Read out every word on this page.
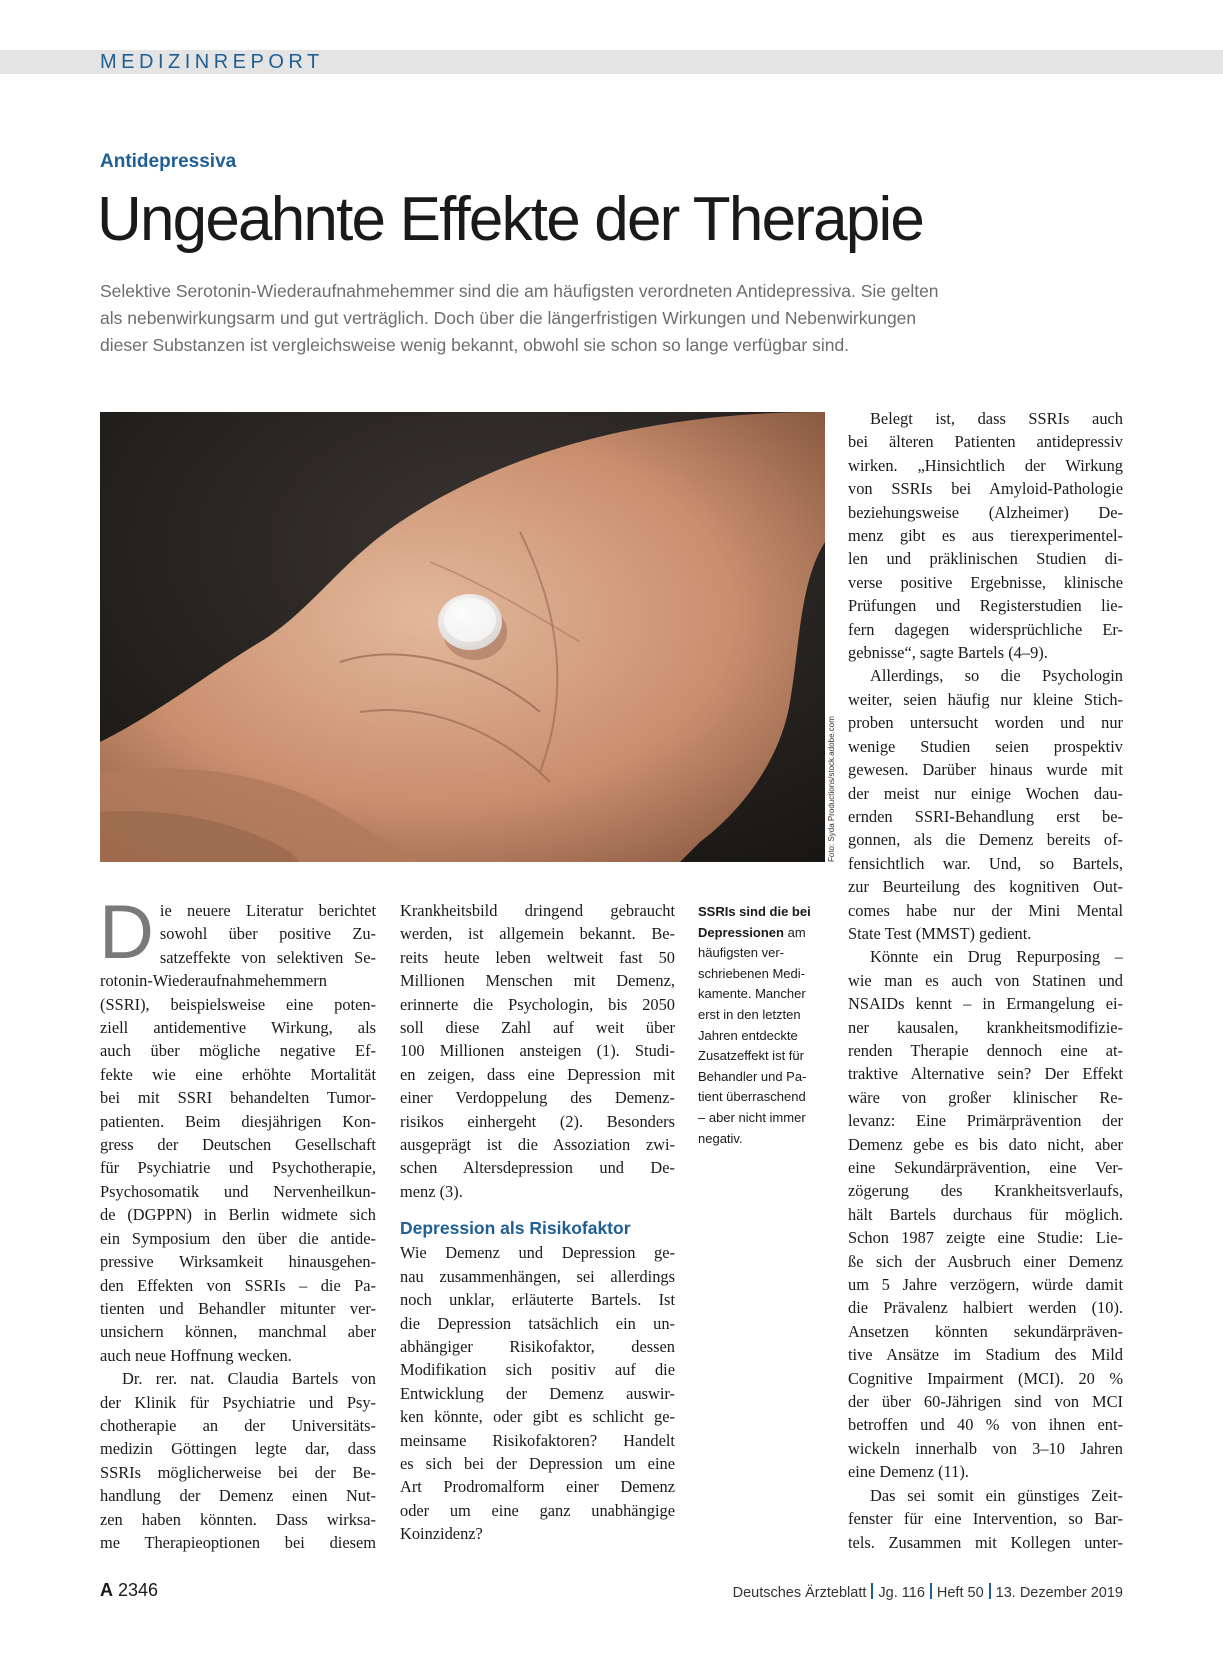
MEDIZINREPORT
Antidepressiva
Ungeahnte Effekte der Therapie
Selektive Serotonin-Wiederaufnahmehemmer sind die am häufigsten verordneten Antidepressiva. Sie gelten
als nebenwirkungsarm und gut verträglich. Doch über die längerfristigen Wirkungen und Nebenwirkungen
dieser Substanzen ist vergleichsweise wenig bekannt, obwohl sie schon so lange verfügbar sind.
Foto: Syda Productions/stock.adobe.com
D ie neuere Literatur berichtet
sowohl über positive Zu-
satzeffekte von selektiven Se-
rotonin-Wiederaufnahmehemmern
(SSRI), beispielsweise eine poten-
ziell antidementive Wirkung, als
auch über mögliche negative Ef-
fekte wie eine erhöhte Mortalität
bei mit SSRI behandelten Tumor-
patienten. Beim diesjährigen Kon-
gress der Deutschen Gesellschaft
für Psychiatrie und Psychotherapie,
Psychosomatik und Nervenheilkun-
de (DGPPN) in Berlin widmete sich
ein Symposium den über die antide-
pressive Wirksamkeit hinausgehen-
den Effekten von SSRIs – die Pa-
tienten und Behandler mitunter ver-
unsichern können, manchmal aber
auch neue Hoffnung wecken.
Dr. rer. nat. Claudia Bartels von
der Klinik für Psychiatrie und Psy-
chotherapie an der Universitäts-
medizin Göttingen legte dar, dass
SSRIs möglicherweise bei der Be-
handlung der Demenz einen Nut-
zen haben könnten. Dass wirksa-
me Therapieoptionen bei diesem
Krankheitsbild dringend gebraucht
werden, ist allgemein bekannt. Be-
reits heute leben weltweit fast 50
Millionen Menschen mit Demenz,
erinnerte die Psychologin, bis 2050
soll diese Zahl auf weit über
100 Millionen ansteigen (1). Studi-
en zeigen, dass eine Depression mit
einer Verdoppelung des Demenz-
risikos einhergeht (2). Besonders
ausgeprägt ist die Assoziation zwi-
schen Altersdepression und De-
menz (3).
Depression als Risikofaktor
Wie Demenz und Depression ge-
nau zusammenhängen, sei allerdings
noch unklar, erläuterte Bartels. Ist
die Depression tatsächlich ein un-
abhängiger Risikofaktor, dessen
Modifikation sich positiv auf die
Entwicklung der Demenz auswir-
ken könnte, oder gibt es schlicht ge-
meinsame Risikofaktoren? Handelt
es sich bei der Depression um eine
Art Prodromalform einer Demenz
oder um eine ganz unabhängige
Koinzidenz?
SSRIs sind die bei
Depressionen am
häufigsten ver-
schriebenen Medi-
kamente. Mancher
erst in den letzten
Jahren entdeckte
Zusatzeffekt ist für
Behandler und Pa-
tient überraschend
– aber nicht immer
negativ.
Belegt ist, dass SSRIs auch
bei älteren Patienten antidepressiv
wirken. „Hinsichtlich der Wirkung
von SSRIs bei Amyloid-Pathologie
beziehungsweise (Alzheimer) De-
menz gibt es aus tierexperimentel-
len und präklinischen Studien di-
verse positive Ergebnisse, klinische
Prüfungen und Registerstudien lie-
fern dagegen widersprüchliche Er-
gebnisse“, sagte Bartels (4–9).
Allerdings, so die Psychologin
weiter, seien häufig nur kleine Stich-
proben untersucht worden und nur
wenige Studien seien prospektiv
gewesen. Darüber hinaus wurde mit
der meist nur einige Wochen dau-
ernden SSRI-Behandlung erst be-
gonnen, als die Demenz bereits of-
fensichtlich war. Und, so Bartels,
zur Beurteilung des kognitiven Out-
comes habe nur der Mini Mental
State Test (MMST) gedient.
Könnte ein Drug Repurposing –
wie man es auch von Statinen und
NSAIDs kennt – in Ermangelung ei-
ner kausalen, krankheitsmodifizie-
renden Therapie dennoch eine at-
traktive Alternative sein? Der Effekt
wäre von großer klinischer Re-
levanz: Eine Primärprävention der
Demenz gebe es bis dato nicht, aber
eine Sekundärprävention, eine Ver-
zögerung des Krankheitsverlaufs,
hält Bartels durchaus für möglich.
Schon 1987 zeigte eine Studie: Lie-
ße sich der Ausbruch einer Demenz
um 5 Jahre verzögern, würde damit
die Prävalenz halbiert werden (10).
Ansetzen könnten sekundärpräven-
tive Ansätze im Stadium des Mild
Cognitive Impairment (MCI). 20 %
der über 60-Jährigen sind von MCI
betroffen und 40 % von ihnen ent-
wickeln innerhalb von 3–10 Jahren
eine Demenz (11).
Das sei somit ein günstiges Zeit-
fenster für eine Intervention, so Bar-
tels. Zusammen mit Kollegen unter-
A 2346	Deutsches Ärzteblatt Jg. 116 Heft 50 13. Dezember 2019
